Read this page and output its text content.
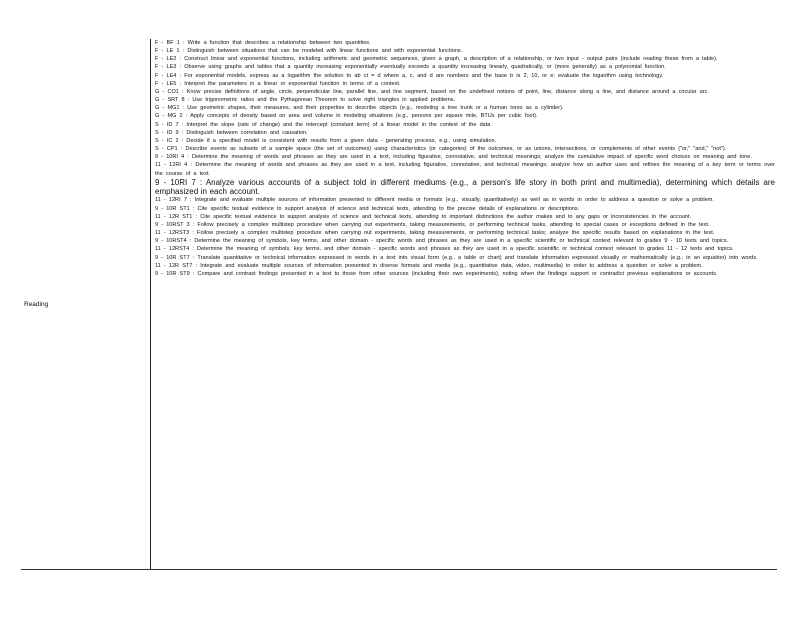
Reading

F - BF 1 : Write a function that describes a relationship between two quantities.

F - LE 1 : Distinguish between situations that can be modeled with linear functions and with exponential functions.

F - LE2 : Construct linear and exponential functions, including arithmetic and geometric sequences, given a graph, a description of a relationship, or two input - output pairs (include reading these from a table).

F - LE3 : Observe using graphs and tables that a quantity increasing exponentially eventually exceeds a quantity increasing linearly, quadratically, or (more generally) as a polynomial function.

F - LE4 : For exponential models, express as a logarithm the solution to ab ct = d where a, c, and d are numbers and the base b is 2, 10, or e; evaluate the logarithm using technology.

F - LE5 : Interpret the parameters in a linear or exponential function in terms of a context.

G - CO1 : Know precise definitions of angle, circle, perpendicular line, parallel line, and line segment, based on the undefined notions of point, line, distance along a line, and distance around a circular arc.

G - SRT 8 : Use trigonometric ratios and the Pythagorean Theorem to solve right triangles in applied problems.

G - MG1 : Use geometric shapes, their measures, and their properties to describe objects (e.g., modeling a tree trunk or a human torso as a cylinder).

G - MG 2 : Apply concepts of density based on area and volume in modeling situations (e.g., persons per square mile, BTUs per cubic foot).

S - ID 7 : Interpret the slope (rate of change) and the intercept (constant term) of a linear model in the context of the data.

S - ID 9 : Distinguish between correlation and causation.

S - IC 2 : Decide if a specified model is consistent with results from a given data - generating process, e.g., using simulation.

S - CP1 : Describe events as subsets of a sample space (the set of outcomes) using characteristics (or categories) of the outcomes, or as unions, intersections, or complements of other events ("or," "and," "not").

9 - 10RI 4 : Determine the meaning of words and phrases as they are used in a text, including figurative, connotative, and technical meanings; analyze the cumulative impact of specific word choices on meaning and tone.

11 - 12RI 4 : Determine the meaning of words and phrases as they are used in a text, including figurative, connotative, and technical meanings; analyze how an author uses and refines the meaning of a key term or terms over the course of a text.

9 - 10RI 7 : Analyze various accounts of a subject told in different mediums (e.g., a person's life story in both print and multimedia), determining which details are emphasized in each account.

11 - 12RI 7 : Integrate and evaluate multiple sources of information presented in different media or formats (e.g., visually, quantitatively) as well as in words in order to address a question or solve a problem.

9 - 10R ST1 : Cite specific textual evidence to support analysis of science and technical texts, attending to the precise details of explanations or descriptions.

11 - 12R ST1 : Cite specific textual evidence to support analysis of science and technical texts, attending to important distinctions the author makes and to any gaps or inconsistencies in the account.

9 - 10RST 3 : Follow precisely a complex multistep procedure when carrying out experiments, taking measurements, or performing technical tasks, attending to special cases or exceptions defined in the text.

11 - 12RST3 : Follow precisely a complex multistep procedure when carrying out experiments, taking measurements, or performing technical tasks; analyze the specific results based on explanations in the text.

9 - 10RST4 : Determine the meaning of symbols, key terms, and other domain - specific words and phrases as they are used in a specific scientific or technical context relevant to grades 9 - 10 texts and topics.

11 - 12RST4 : Determine the meaning of symbols, key terms, and other domain - specific words and phrases as they are used in a specific scientific or technical context relevant to grades 11 - 12 texts and topics.

9 - 10R ST7 : Translate quantitative or technical information expressed in words in a text into visual form (e.g., a table or chart) and translate information expressed visually or mathematically (e.g., in an equation) into words.

11 - 12R ST7 : Integrate and evaluate multiple sources of information presented in diverse formats and media (e.g., quantitative data, video, multimedia) in order to address a question or solve a problem.

9 - 10R ST9 : Compare and contrast findings presented in a text to those from other sources (including their own experiments), noting when the findings support or contradict previous explanations or accounts.
